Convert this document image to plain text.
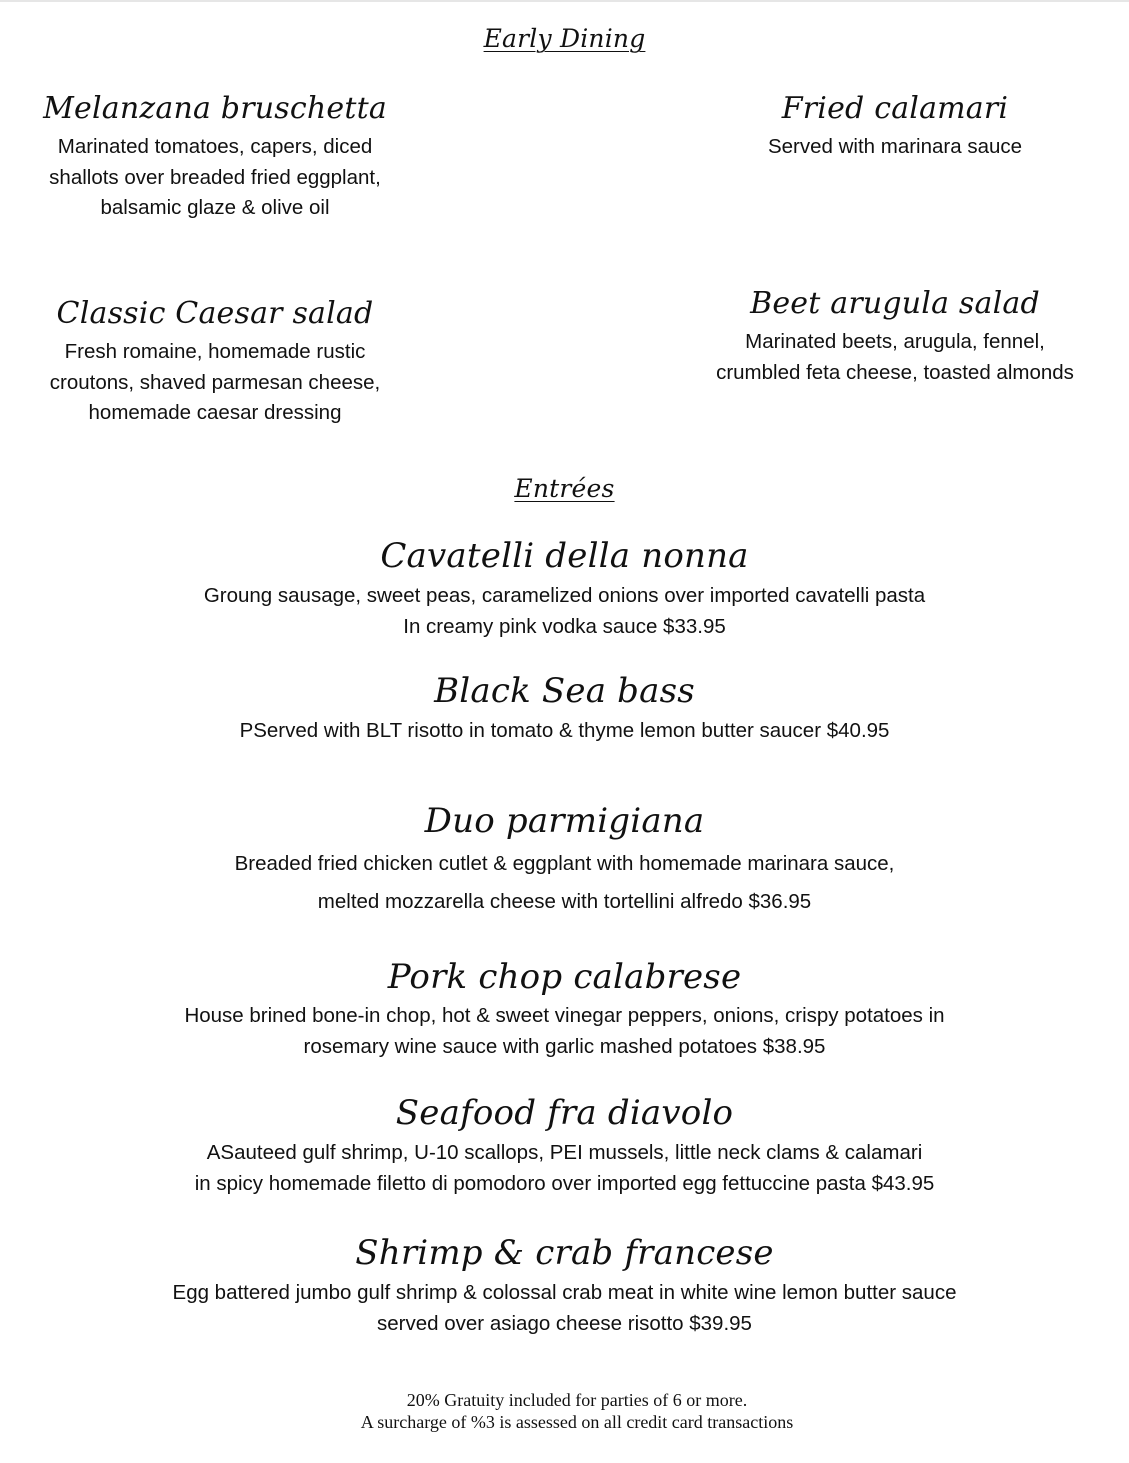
Early Dining
Melanzana bruschetta
Marinated tomatoes, capers, diced
shallots over breaded fried eggplant,
balsamic glaze & olive oil
Fried calamari
Served with marinara sauce
Classic Caesar salad
Fresh romaine, homemade rustic
croutons, shaved parmesan cheese,
homemade caesar dressing
Beet arugula salad
Marinated beets, arugula, fennel,
crumbled feta cheese, toasted almonds
Entrées
Cavatelli della nonna
Groung sausage, sweet peas, caramelized onions over imported cavatelli pasta
In creamy pink vodka sauce $33.95
Black Sea bass
PServed with BLT risotto in tomato & thyme lemon butter saucer $40.95
Duo parmigiana
Breaded fried chicken cutlet & eggplant with homemade marinara sauce,
melted mozzarella cheese with tortellini alfredo $36.95
Pork chop calabrese
House brined bone-in chop, hot & sweet vinegar peppers, onions, crispy potatoes in
rosemary wine sauce with garlic mashed potatoes $38.95
Seafood fra diavolo
ASauteed gulf shrimp, U-10 scallops, PEI mussels, little neck clams & calamari
in spicy homemade filetto di pomodoro over imported egg fettuccine pasta $43.95
Shrimp & crab francese
Egg battered jumbo gulf shrimp & colossal crab meat in white wine lemon butter sauce
served over asiago cheese risotto $39.95
20% Gratuity included for parties of 6 or more.
A surcharge of %3 is assessed on all credit card transactions
